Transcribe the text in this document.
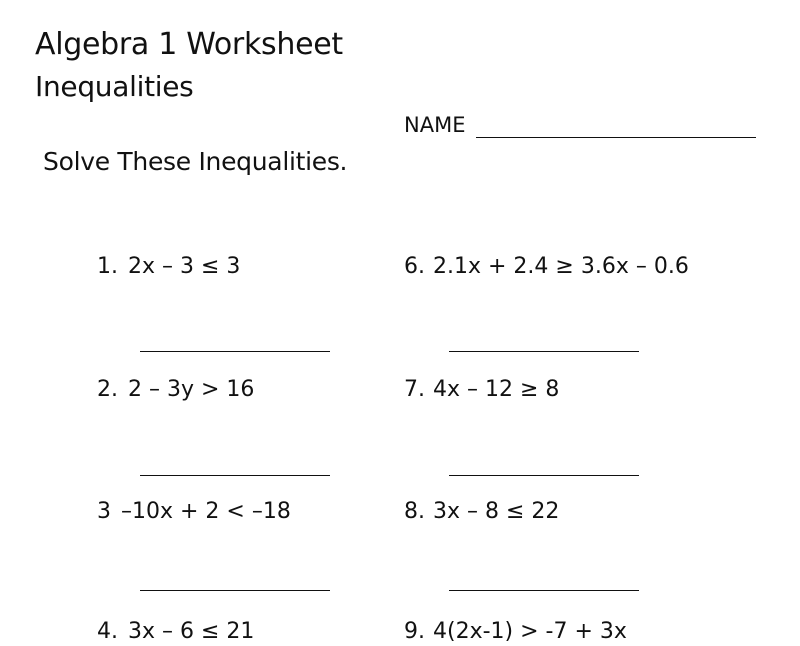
Algebra 1 Worksheet
Inequalities
NAME
Solve These Inequalities.
1. 2x – 3 ≤ 3
2. 2 – 3y > 16
3 –10x + 2 < –18
4. 3x – 6 ≤ 21
6. 2.1x + 2.4 ≥ 3.6x – 0.6
7. 4x – 12 ≥ 8
8. 3x – 8 ≤ 22
9. 4(2x-1) > -7 + 3x
